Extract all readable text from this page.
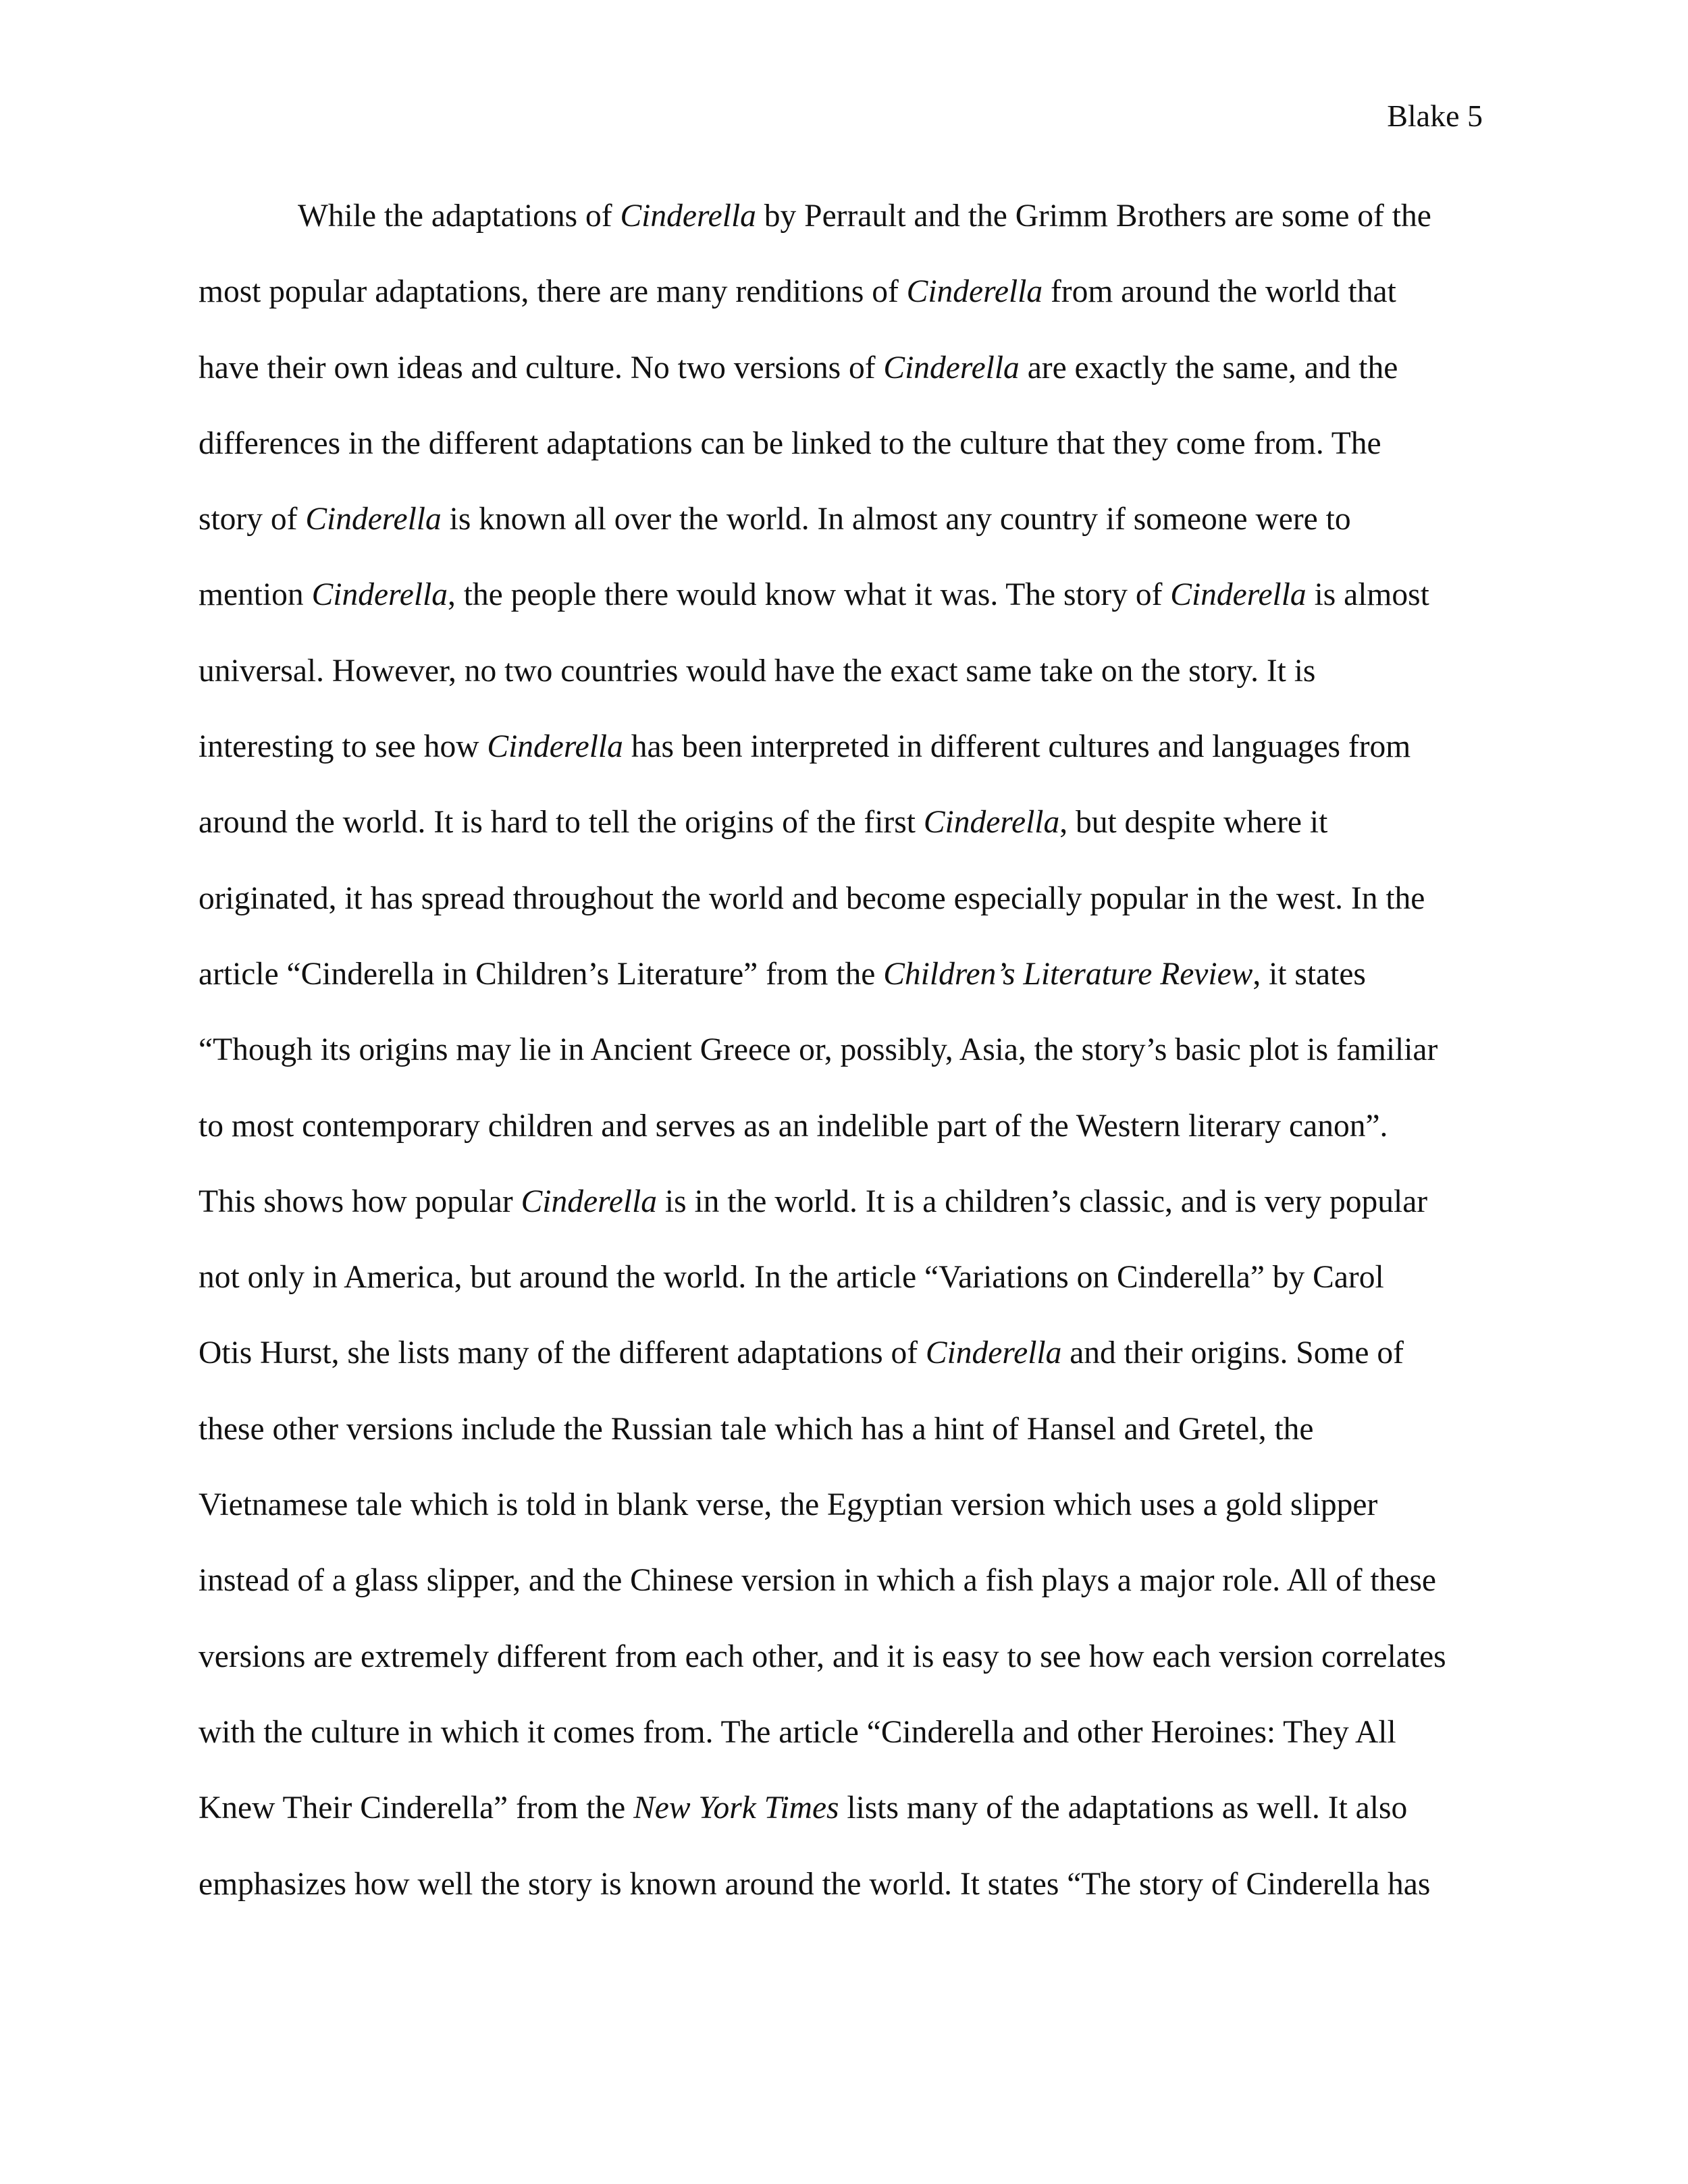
Blake 5
While the adaptations of Cinderella by Perrault and the Grimm Brothers are some of the
most popular adaptations, there are many renditions of Cinderella from around the world that
have their own ideas and culture. No two versions of Cinderella are exactly the same, and the
differences in the different adaptations can be linked to the culture that they come from. The
story of Cinderella is known all over the world. In almost any country if someone were to
mention Cinderella, the people there would know what it was. The story of Cinderella is almost
universal. However, no two countries would have the exact same take on the story. It is
interesting to see how Cinderella has been interpreted in different cultures and languages from
around the world. It is hard to tell the origins of the first Cinderella, but despite where it
originated, it has spread throughout the world and become especially popular in the west. In the
article “Cinderella in Children’s Literature” from the Children’s Literature Review, it states
“Though its origins may lie in Ancient Greece or, possibly, Asia, the story’s basic plot is familiar
to most contemporary children and serves as an indelible part of the Western literary canon”.
This shows how popular Cinderella is in the world. It is a children’s classic, and is very popular
not only in America, but around the world. In the article “Variations on Cinderella” by Carol
Otis Hurst, she lists many of the different adaptations of Cinderella and their origins. Some of
these other versions include the Russian tale which has a hint of Hansel and Gretel, the
Vietnamese tale which is told in blank verse, the Egyptian version which uses a gold slipper
instead of a glass slipper, and the Chinese version in which a fish plays a major role. All of these
versions are extremely different from each other, and it is easy to see how each version correlates
with the culture in which it comes from. The article “Cinderella and other Heroines: They All
Knew Their Cinderella” from the New York Times lists many of the adaptations as well. It also
emphasizes how well the story is known around the world. It states “The story of Cinderella has
